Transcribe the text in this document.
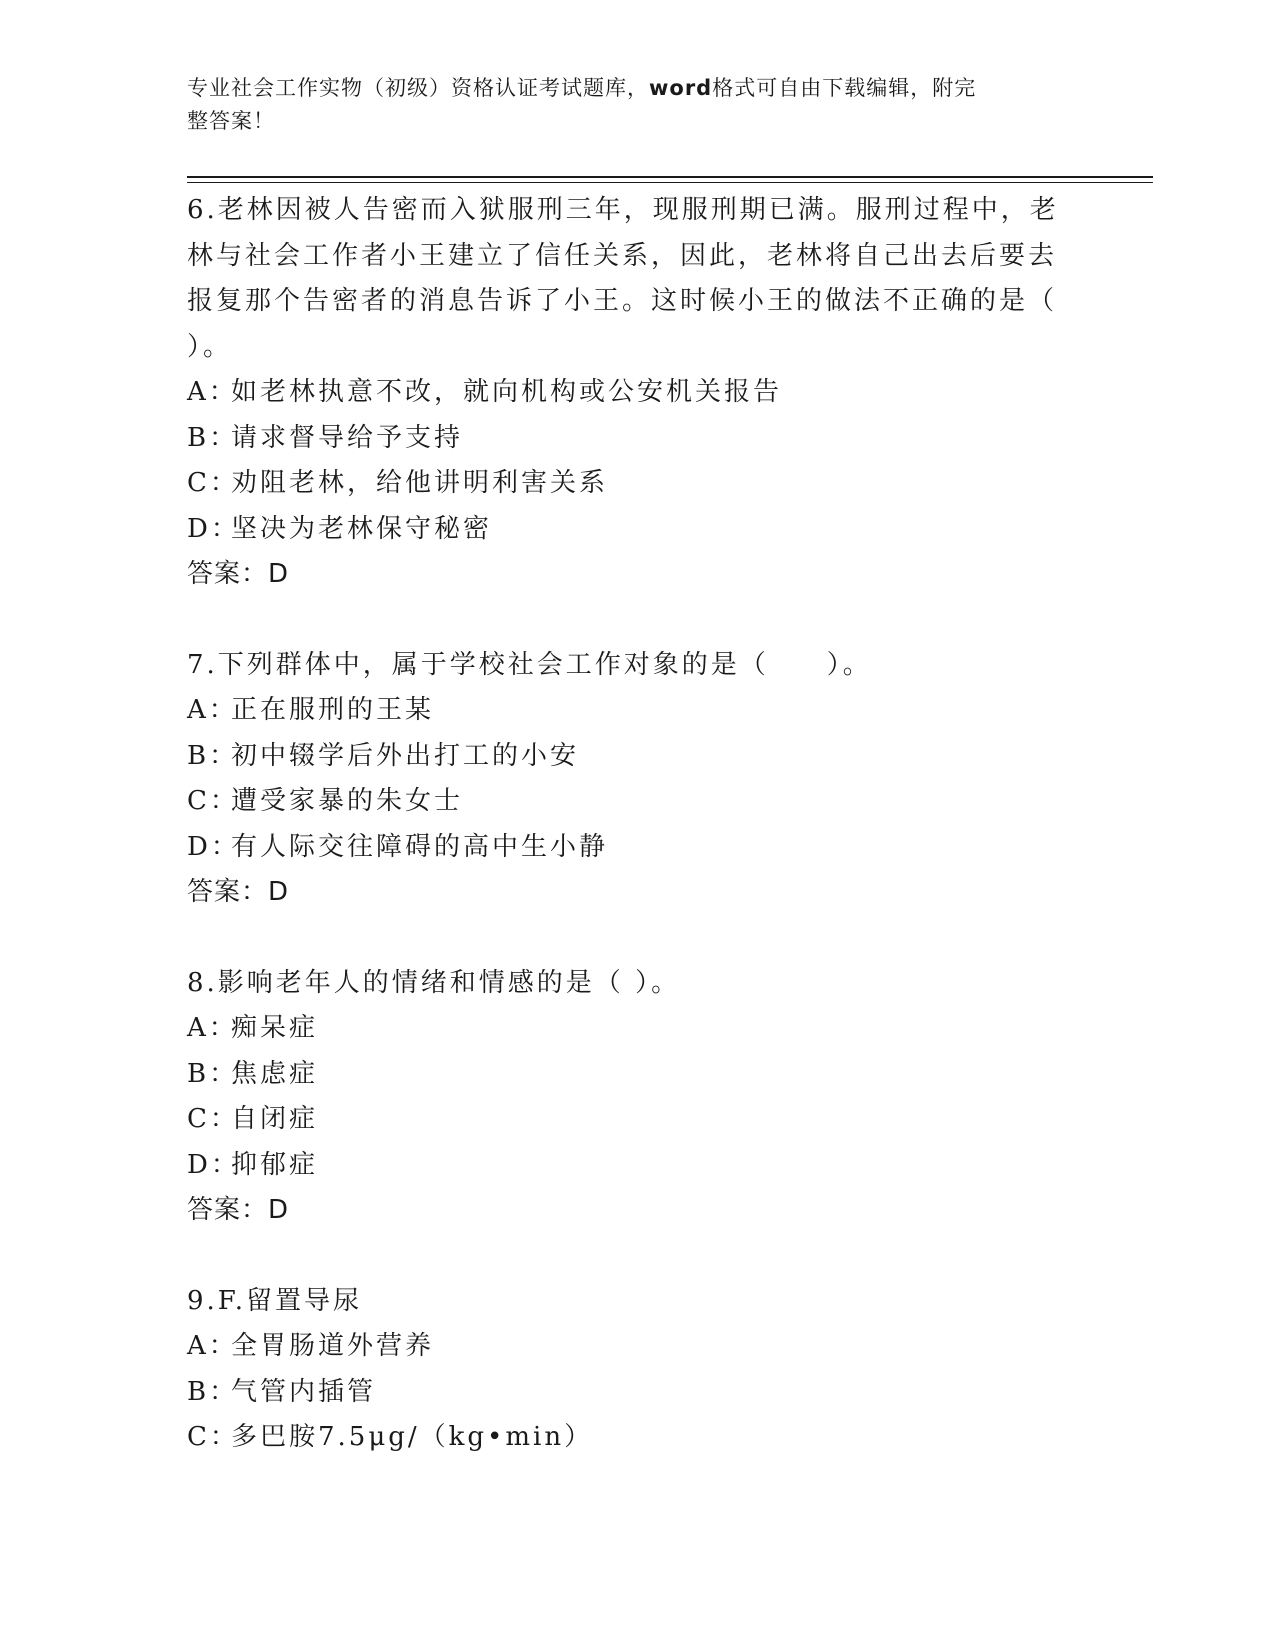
专业社会工作实物（初级）资格认证考试题库，word格式可自由下载编辑，附完
整答案！
6.老林因被人告密而入狱服刑三年，现服刑期已满。服刑过程中，老
林与社会工作者小王建立了信任关系，因此，老林将自己出去后要去
报复那个告密者的消息告诉了小王。这时候小王的做法不正确的是（
）。
A：如老林执意不改，就向机构或公安机关报告
B：请求督导给予支持
C：劝阻老林，给他讲明利害关系
D：坚决为老林保守秘密
答案：D
7.下列群体中，属于学校社会工作对象的是（　　）。
A：正在服刑的王某
B：初中辍学后外出打工的小安
C：遭受家暴的朱女士
D：有人际交往障碍的高中生小静
答案：D
8.影响老年人的情绪和情感的是（ ）。
A：痴呆症
B：焦虑症
C：自闭症
D：抑郁症
答案：D
9.F.留置导尿
A：全胃肠道外营养
B：气管内插管
C：多巴胺7.5μg/（kg•min）
